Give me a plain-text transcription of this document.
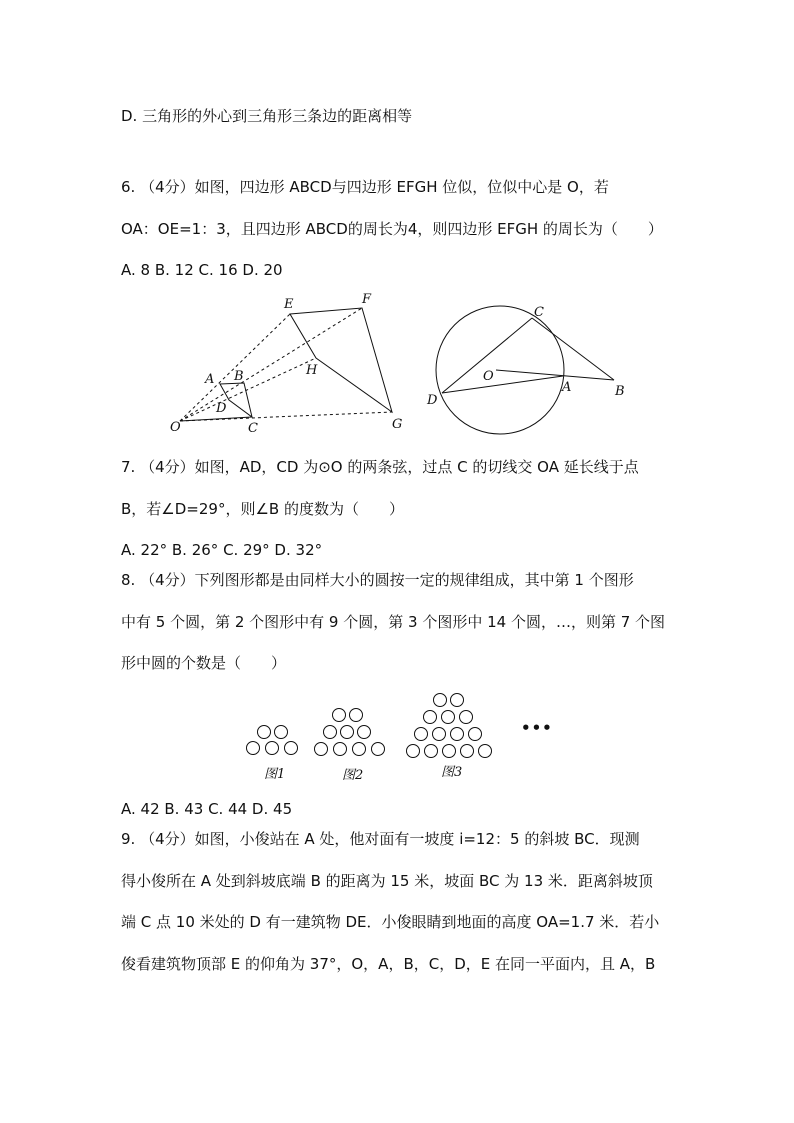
D. 三角形的外心到三角形三条边的距离相等
6. （4分）如图，四边形 ABCD与四边形 EFGH 位似，位似中心是 O，若
OA：OE=1：3，且四边形 ABCD的周长为4，则四边形 EFGH 的周长为（　　）
A. 8 B. 12 C. 16 D. 20
E	F
A B	H
D
O	C	G
C
O
A
D
B
7. （4分）如图，AD，CD 为⊙O 的两条弦，过点 C 的切线交 OA 延长线于点
B，若∠D=29°，则∠B 的度数为（　　）
A. 22° B. 26° C. 29° D. 32°
8. （4分）下列图形都是由同样大小的圆按一定的规律组成，其中第 1 个图形
中有 5 个圆，第 2 个图形中有 9 个圆，第 3 个图形中 14 个圆，…，则第 7 个图
形中圆的个数是（　　）
图1	图2	图3
•••
A. 42 B. 43 C. 44 D. 45
9. （4分）如图，小俊站在 A 处，他对面有一坡度 i=12：5 的斜坡 BC．现测
得小俊所在 A 处到斜坡底端 B 的距离为 15 米，坡面 BC 为 13 米．距离斜坡顶
端 C 点 10 米处的 D 有一建筑物 DE．小俊眼睛到地面的高度 OA=1.7 米．若小
俊看建筑物顶部 E 的仰角为 37°，O，A，B，C，D，E 在同一平面内，且 A，B
